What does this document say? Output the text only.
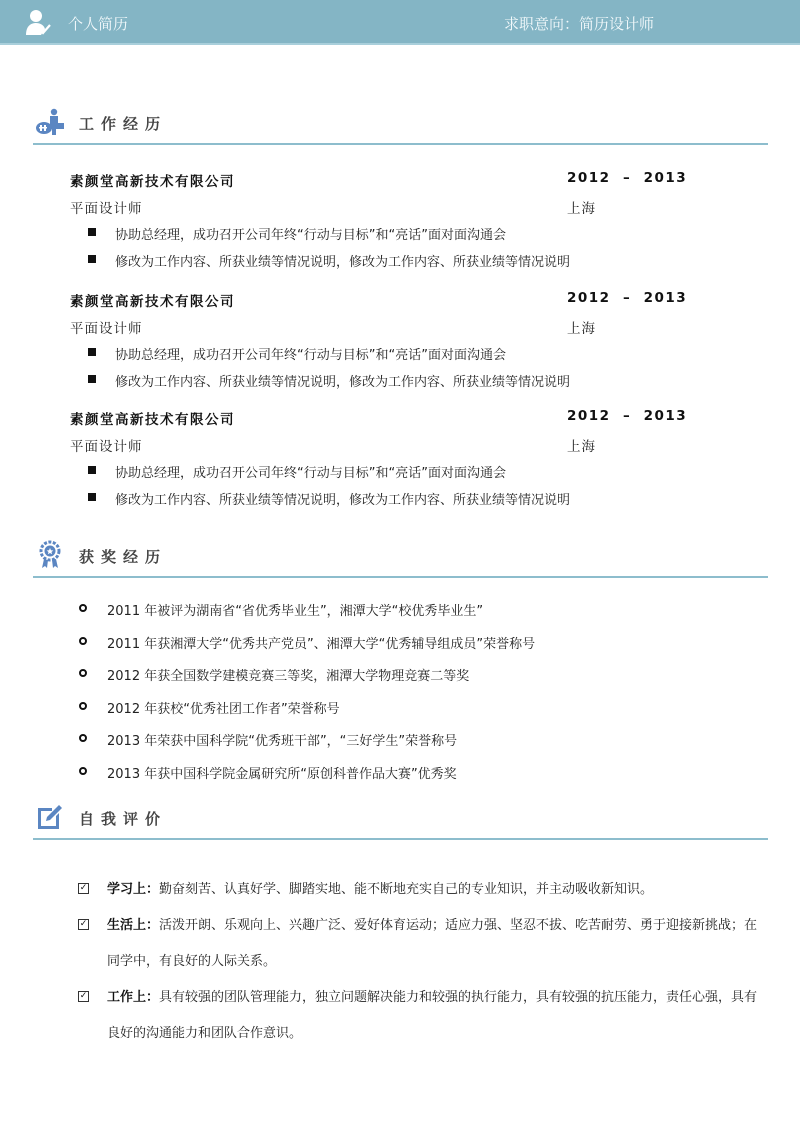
个人简历	求职意向：简历设计师
工作经历
素颜堂高新技术有限公司	2012  –  2013
平面设计师	上海
协助总经理，成功召开公司年终“行动与目标”和“亮话”面对面沟通会
修改为工作内容、所获业绩等情况说明，修改为工作内容、所获业绩等情况说明
素颜堂高新技术有限公司	2012  –  2013
平面设计师	上海
协助总经理，成功召开公司年终“行动与目标”和“亮话”面对面沟通会
修改为工作内容、所获业绩等情况说明，修改为工作内容、所获业绩等情况说明
素颜堂高新技术有限公司	2012  –  2013
平面设计师	上海
协助总经理，成功召开公司年终“行动与目标”和“亮话”面对面沟通会
修改为工作内容、所获业绩等情况说明，修改为工作内容、所获业绩等情况说明
获奖经历
2011 年被评为湖南省“省优秀毕业生”，湘潭大学“校优秀毕业生”
2011 年获湘潭大学“优秀共产党员”、湘潭大学“优秀辅导组成员”荣誉称号
2012 年获全国数学建模竞赛三等奖，湘潭大学物理竞赛二等奖
2012 年获校“优秀社团工作者”荣誉称号
2013 年荣获中国科学院“优秀班干部”，“三好学生”荣誉称号
2013 年获中国科学院金属研究所“原创科普作品大赛”优秀奖
自我评价
✓ 学习上：勤奋刻苦、认真好学、脚踏实地、能不断地充实自己的专业知识，并主动吸收新知识。
✓ 生活上：活泼开朗、乐观向上、兴趣广泛、爱好体育运动；适应力强、坚忍不拔、吃苦耐劳、勇于迎接新挑战；在同学中，有良好的人际关系。
✓ 工作上：具有较强的团队管理能力，独立问题解决能力和较强的执行能力，具有较强的抗压能力，责任心强，具有良好的沟通能力和团队合作意识。
